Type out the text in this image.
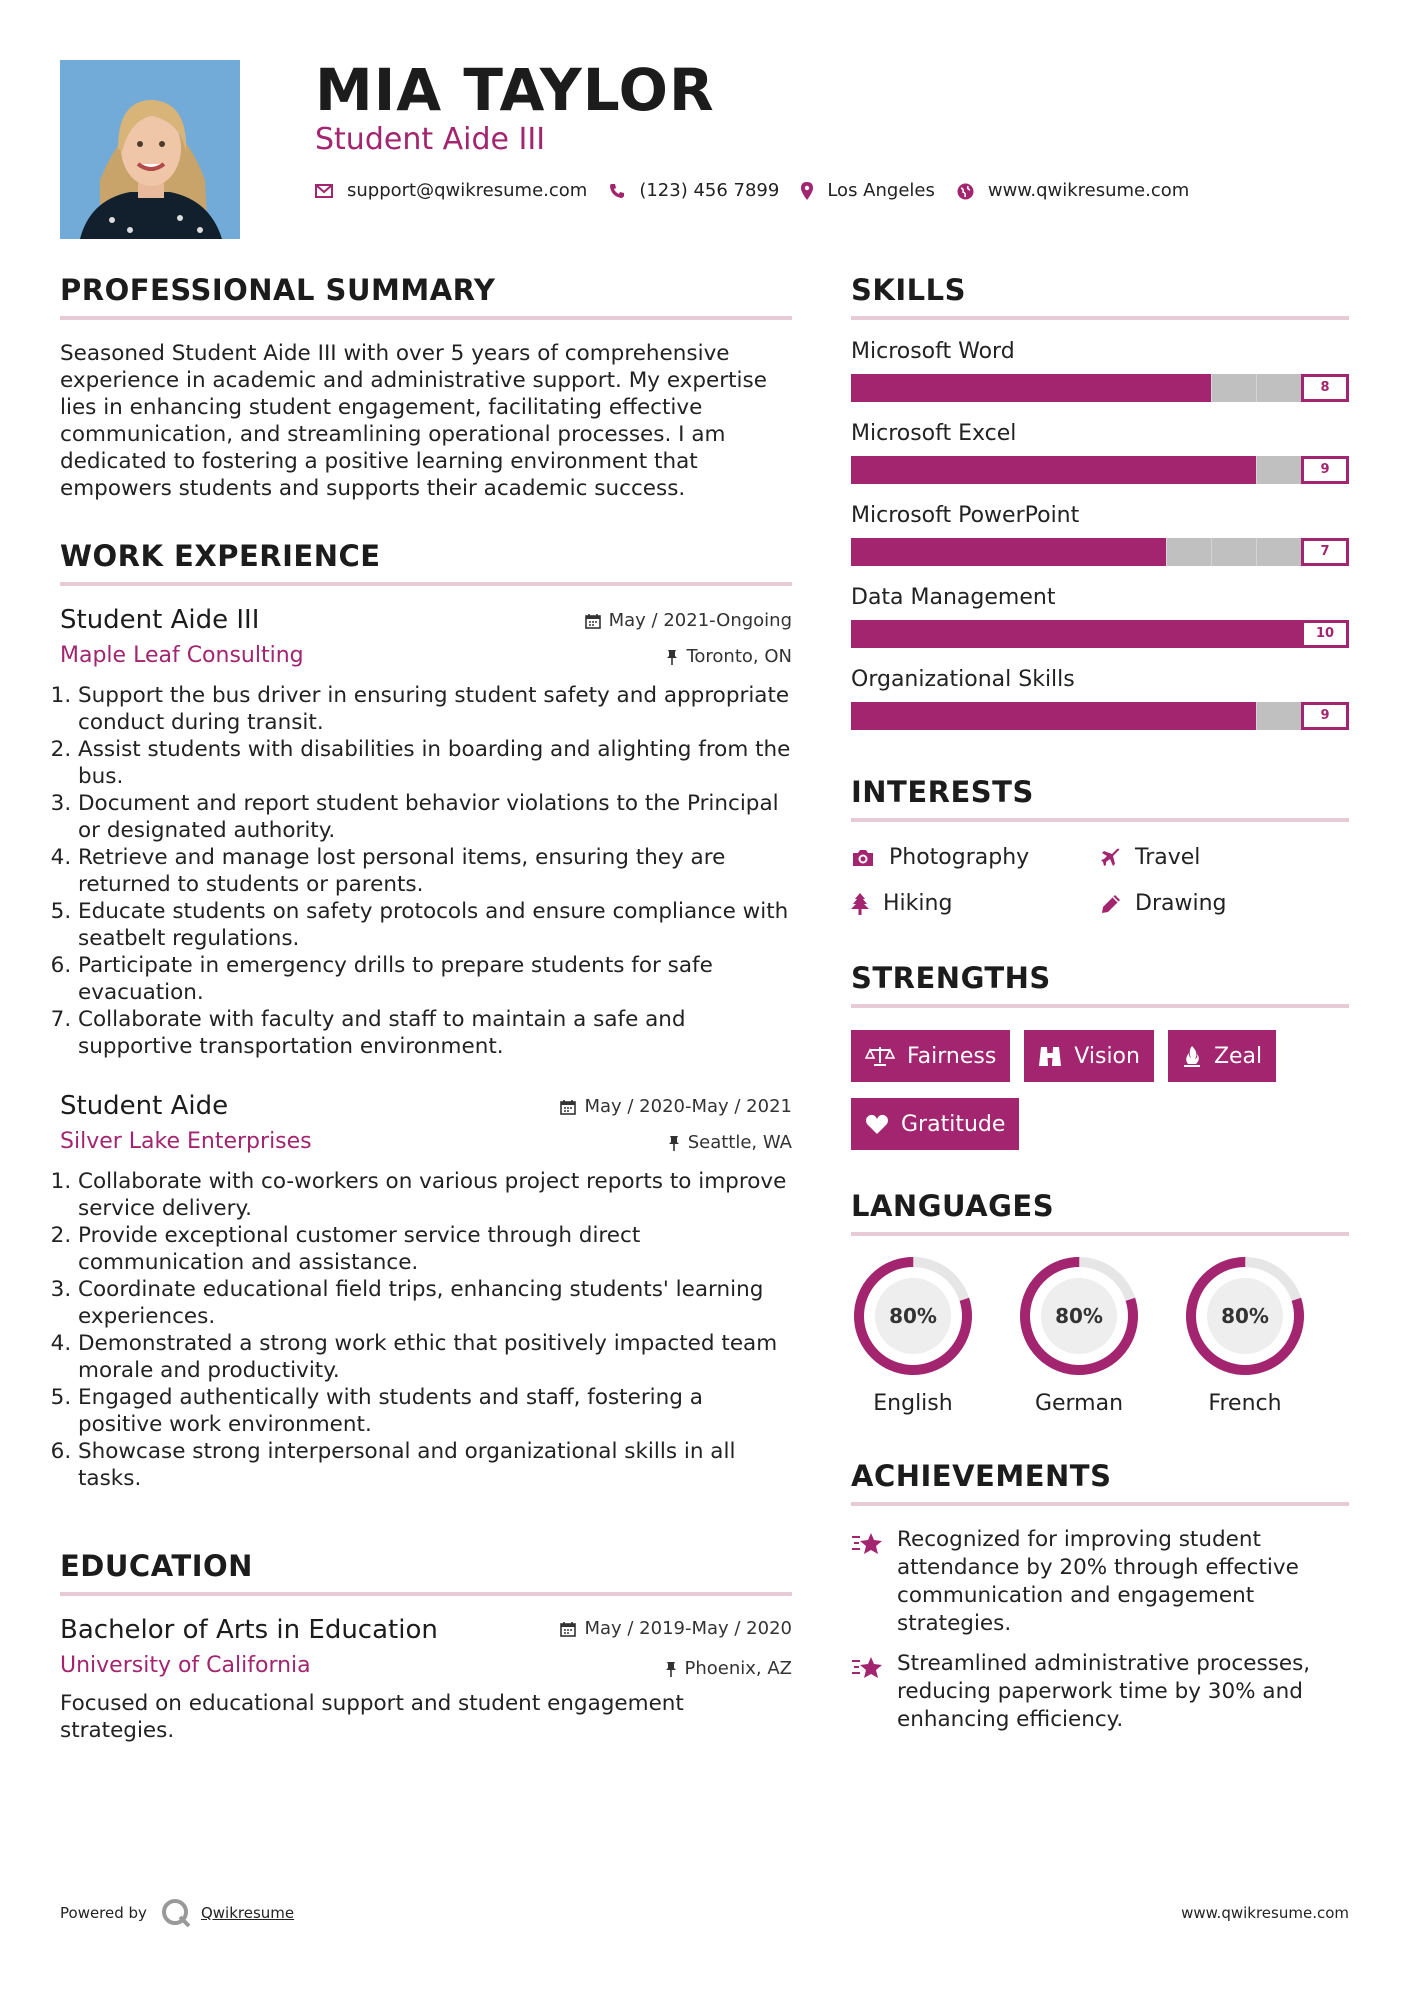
MIA TAYLOR
Student Aide III
support@qwikresume.com	(123) 456 7899	Los Angeles	www.qwikresume.com
PROFESSIONAL SUMMARY
Seasoned Student Aide III with over 5 years of comprehensive experience in academic and administrative support. My expertise lies in enhancing student engagement, facilitating effective communication, and streamlining operational processes. I am dedicated to fostering a positive learning environment that empowers students and supports their academic success.
WORK EXPERIENCE
May / 2021-Ongoing
Student Aide III
Toronto, ON
Maple Leaf Consulting
1. Support the bus driver in ensuring student safety and appropriate conduct during transit.
2. Assist students with disabilities in boarding and alighting from the bus.
3. Document and report student behavior violations to the Principal or designated authority.
4. Retrieve and manage lost personal items, ensuring they are returned to students or parents.
5. Educate students on safety protocols and ensure compliance with seatbelt regulations.
6. Participate in emergency drills to prepare students for safe evacuation.
7. Collaborate with faculty and staff to maintain a safe and supportive transportation environment.
May / 2020-May / 2021
Student Aide
Seattle, WA
Silver Lake Enterprises
1. Collaborate with co-workers on various project reports to improve service delivery.
2. Provide exceptional customer service through direct communication and assistance.
3. Coordinate educational field trips, enhancing students' learning experiences.
4. Demonstrated a strong work ethic that positively impacted team morale and productivity.
5. Engaged authentically with students and staff, fostering a positive work environment.
6. Showcase strong interpersonal and organizational skills in all tasks.
EDUCATION
May / 2019-May / 2020
Bachelor of Arts in Education
Phoenix, AZ
University of California
Focused on educational support and student engagement strategies.
SKILLS
Microsoft Word
8
Microsoft Excel
9
Microsoft PowerPoint
7
Data Management
10
Organizational Skills
9
INTERESTS
Photography	Travel
Hiking	Drawing
STRENGTHS
Fairness	Vision	Zeal
Gratitude
LANGUAGES
80%
English
80%
German
80%
French
ACHIEVEMENTS
Recognized for improving student attendance by 20% through effective communication and engagement strategies.
Streamlined administrative processes, reducing paperwork time by 30% and enhancing efficiency.
Powered by	Qwikresume	www.qwikresume.com
